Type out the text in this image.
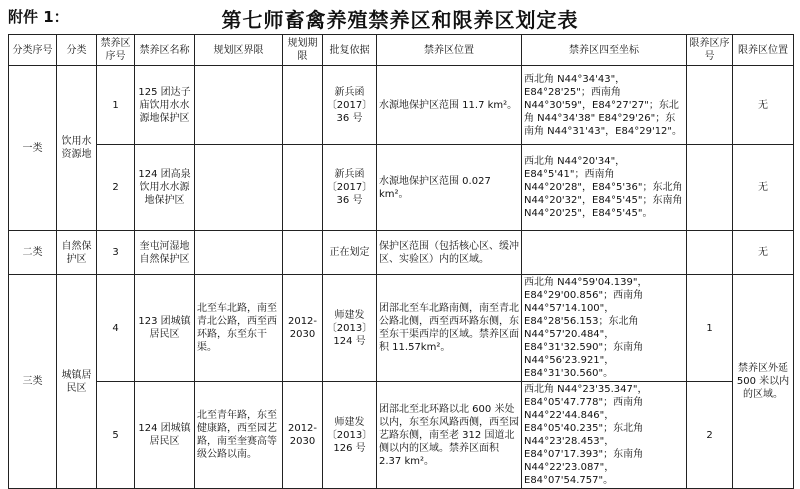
附件 1：	第七师畜禽养殖禁养区和限养区划定表
分类序号	分类	禁养区序号	禁养区名称	规划区界限	规划期限	批复依据	禁养区位置	禁养区四至坐标	限养区序号	限养区位置
一类	饮用水资源地	1	125 团达子庙饮用水水源地保护区			新兵函〔2017〕36 号	水源地保护区范围 11.7 km²。	西北角 N44°34'43"，E84°28'25"；西南角 N44°30'59"，E84°27'27"；东北角 N44°34'38" E84°29'26"；东南角 N44°31'43"，E84°29'12"。		无
		2	124 团高泉饮用水水源地保护区			新兵函〔2017〕36 号	水源地保护区范围 0.027 km²。	西北角 N44°20'34"，E84°5'41"；西南角 N44°20'28"，E84°5'36"；东北角 N44°20'32"，E84°5'45"；东南角 N44°20'25"，E84°5'45"。		无
二类	自然保护区	3	奎屯河湿地自然保护区			正在划定	保护区范围（包括核心区、缓冲区、实验区）内的区域。			无
三类	城镇居民区	4	123 团城镇居民区	北至车北路，南至青北公路，西至西环路，东至东干渠。	2012-2030	师建发〔2013〕124 号	团部北至车北路南侧，南至青北公路北侧，西至西环路东侧，东至东干渠西岸的区域。禁养区面积 11.57km²。	西北角 N44°59'04.139"，E84°29'00.856"；西南角 N44°57'14.100"，E84°28'56.153；东北角 N44°57'20.484"，E84°31'32.590"；东南角 N44°56'23.921"，E84°31'30.560"。	1	禁养区外延 500 米以内的区域。
		5	124 团城镇居民区	北至青年路，东至健康路，西至园艺路，南至奎赛高等级公路以南。	2012-2030	师建发〔2013〕126 号	团部北至北环路以北 600 米处以内，东至东风路西侧，西至园艺路东侧，南至老 312 国道北侧以内的区域。禁养区面积 2.37 km²。	西北角 N44°23'35.347"，E84°05'47.778"；西南角 N44°22'44.846"，E84°05'40.235"；东北角 N44°23'28.453"，E84°07'17.393"；东南角 N44°22'23.087"，E84°07'54.757"。	2	
